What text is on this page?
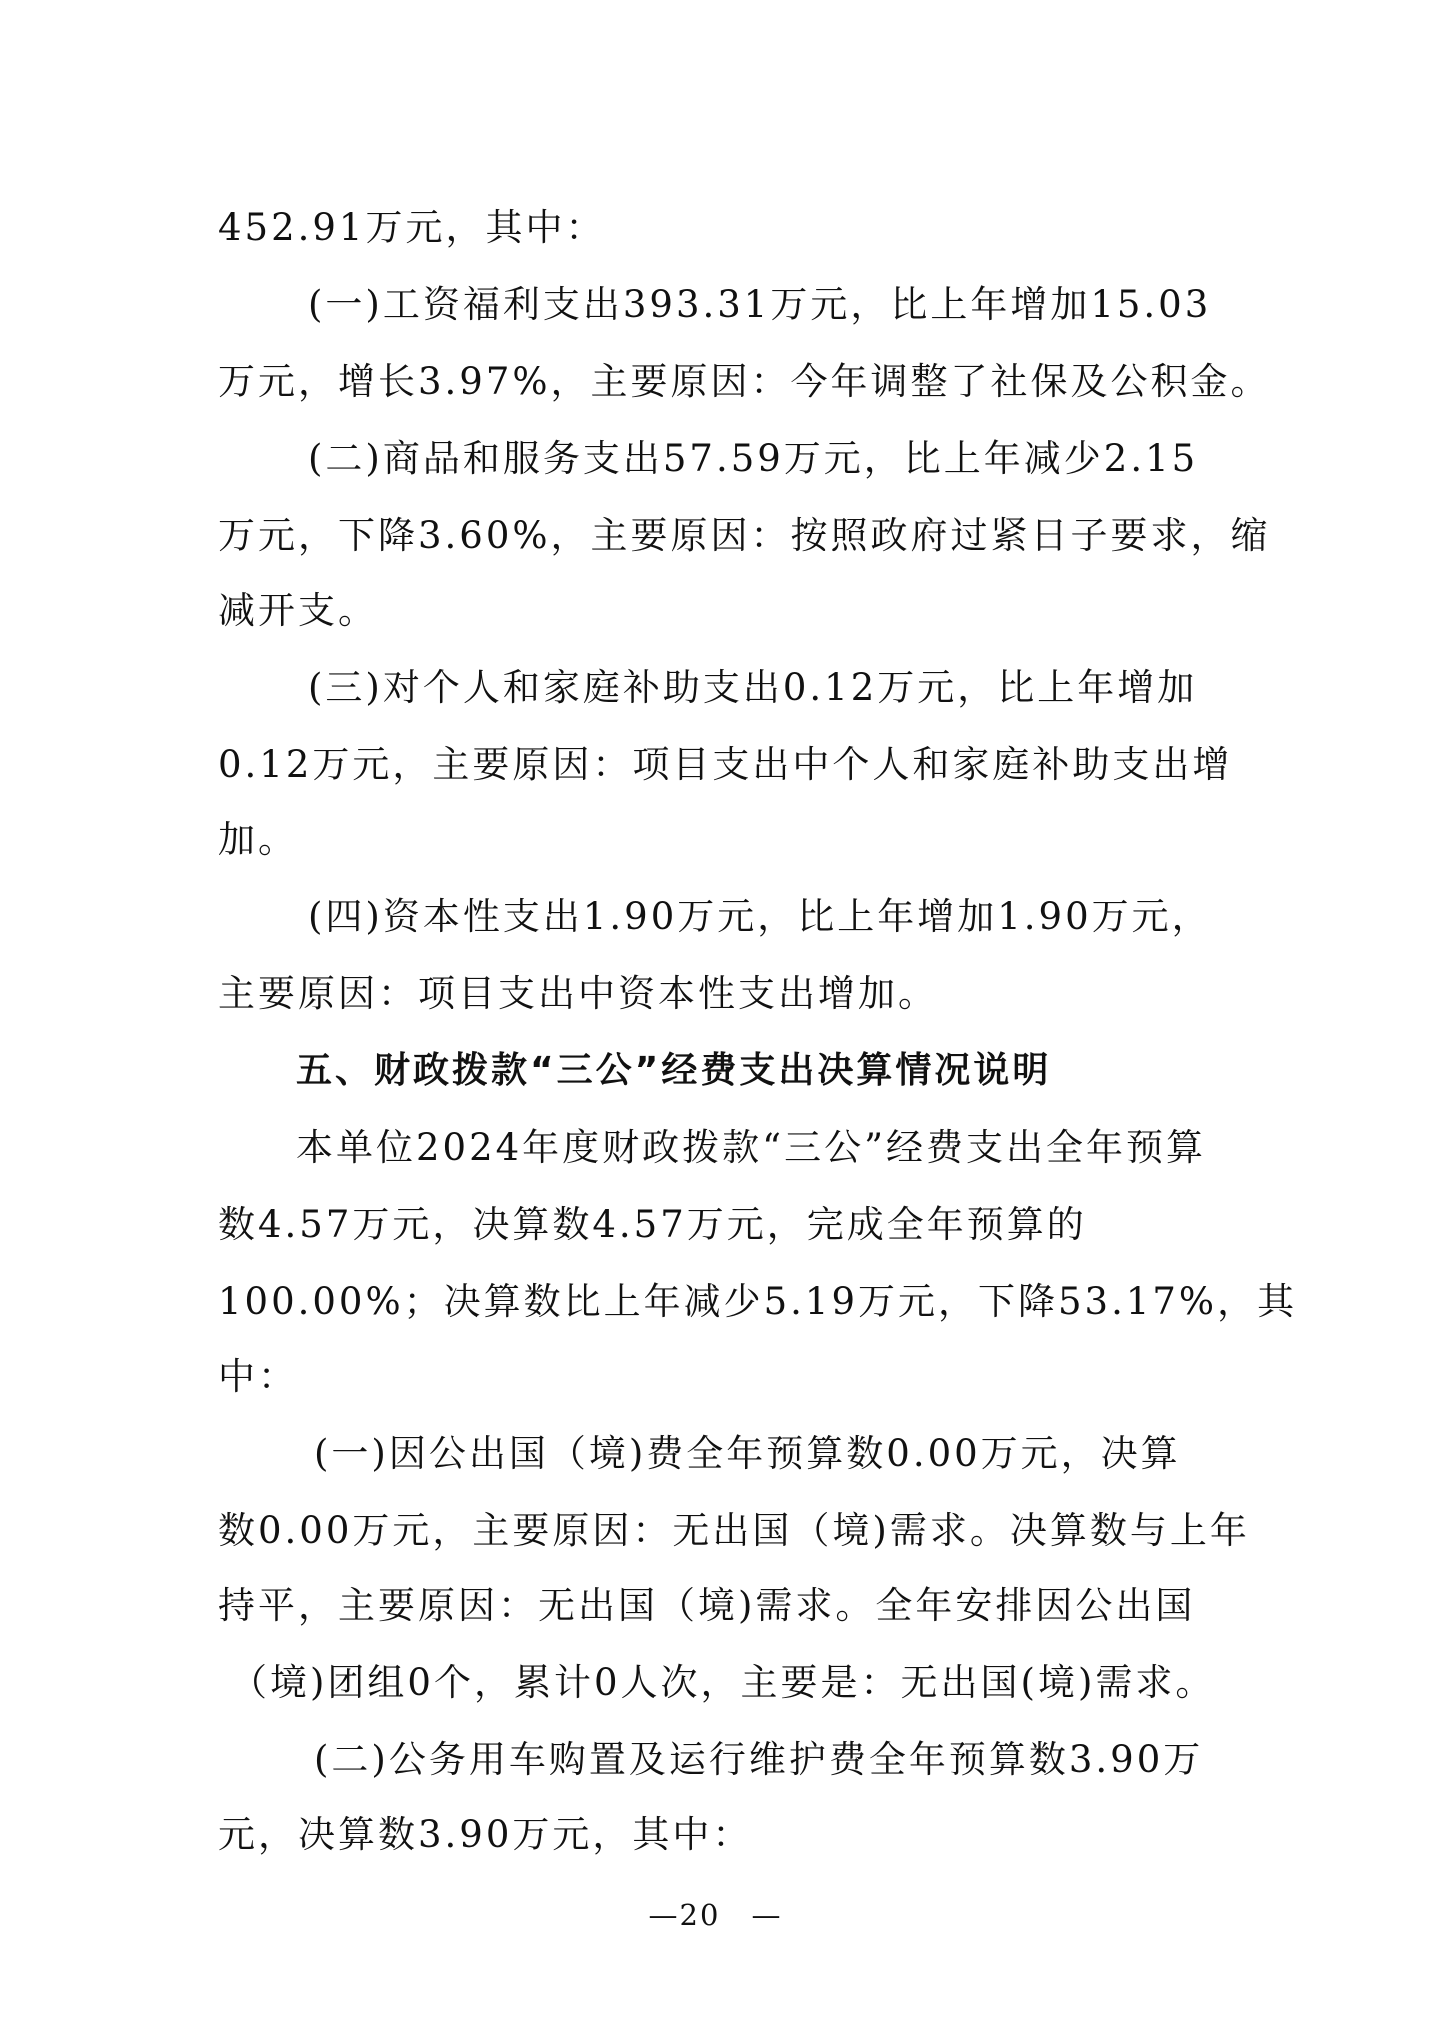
452.91万元，其中：
(一)工资福利支出393.31万元，比上年增加15.03
万元，增长3.97%，主要原因：今年调整了社保及公积金。
(二)商品和服务支出57.59万元，比上年减少2.15
万元，下降3.60%，主要原因：按照政府过紧日子要求，缩
减开支。
(三)对个人和家庭补助支出0.12万元，比上年增加
0.12万元，主要原因：项目支出中个人和家庭补助支出增
加。
(四)资本性支出1.90万元，比上年增加1.90万元，
主要原因：项目支出中资本性支出增加。
五、财政拨款“三公”经费支出决算情况说明
本单位2024年度财政拨款“三公”经费支出全年预算
数4.57万元，决算数4.57万元，完成全年预算的
100.00%；决算数比上年减少5.19万元，下降53.17%，其
中：
(一)因公出国（境)费全年预算数0.00万元，决算
数0.00万元，主要原因：无出国（境)需求。决算数与上年
持平，主要原因：无出国（境)需求。全年安排因公出国
（境)团组0个，累计0人次，主要是：无出国(境)需求。
(二)公务用车购置及运行维护费全年预算数3.90万
元，决算数3.90万元，其中：
—20　—
